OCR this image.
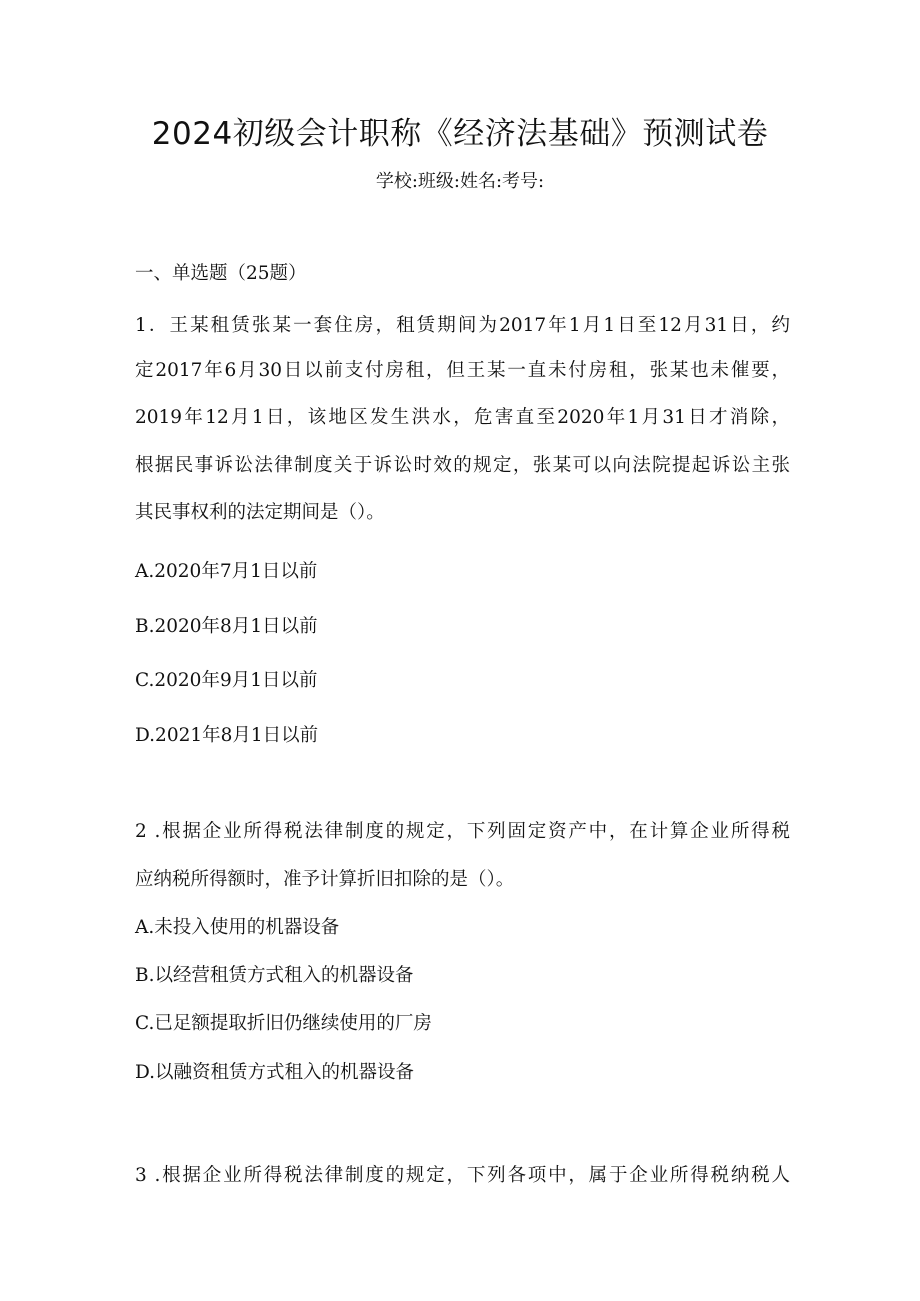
2024初级会计职称《经济法基础》预测试卷
学校:班级:姓名:考号:
一、单选题（25题）
1．王某租赁张某一套住房，租赁期间为2017年1月1日至12月31日，约
定2017年6月30日以前支付房租，但王某一直未付房租，张某也未催要，
2019年12月1日，该地区发生洪水，危害直至2020年1月31日才消除，
根据民事诉讼法律制度关于诉讼时效的规定，张某可以向法院提起诉讼主张
其民事权利的法定期间是（）。
A.2020年7月1日以前
B.2020年8月1日以前
C.2020年9月1日以前
D.2021年8月1日以前
2 .根据企业所得税法律制度的规定，下列固定资产中，在计算企业所得税
应纳税所得额时，准予计算折旧扣除的是（）。
A.未投入使用的机器设备
B.以经营租赁方式租入的机器设备
C.已足额提取折旧仍继续使用的厂房
D.以融资租赁方式租入的机器设备
3 .根据企业所得税法律制度的规定，下列各项中，属于企业所得税纳税人
